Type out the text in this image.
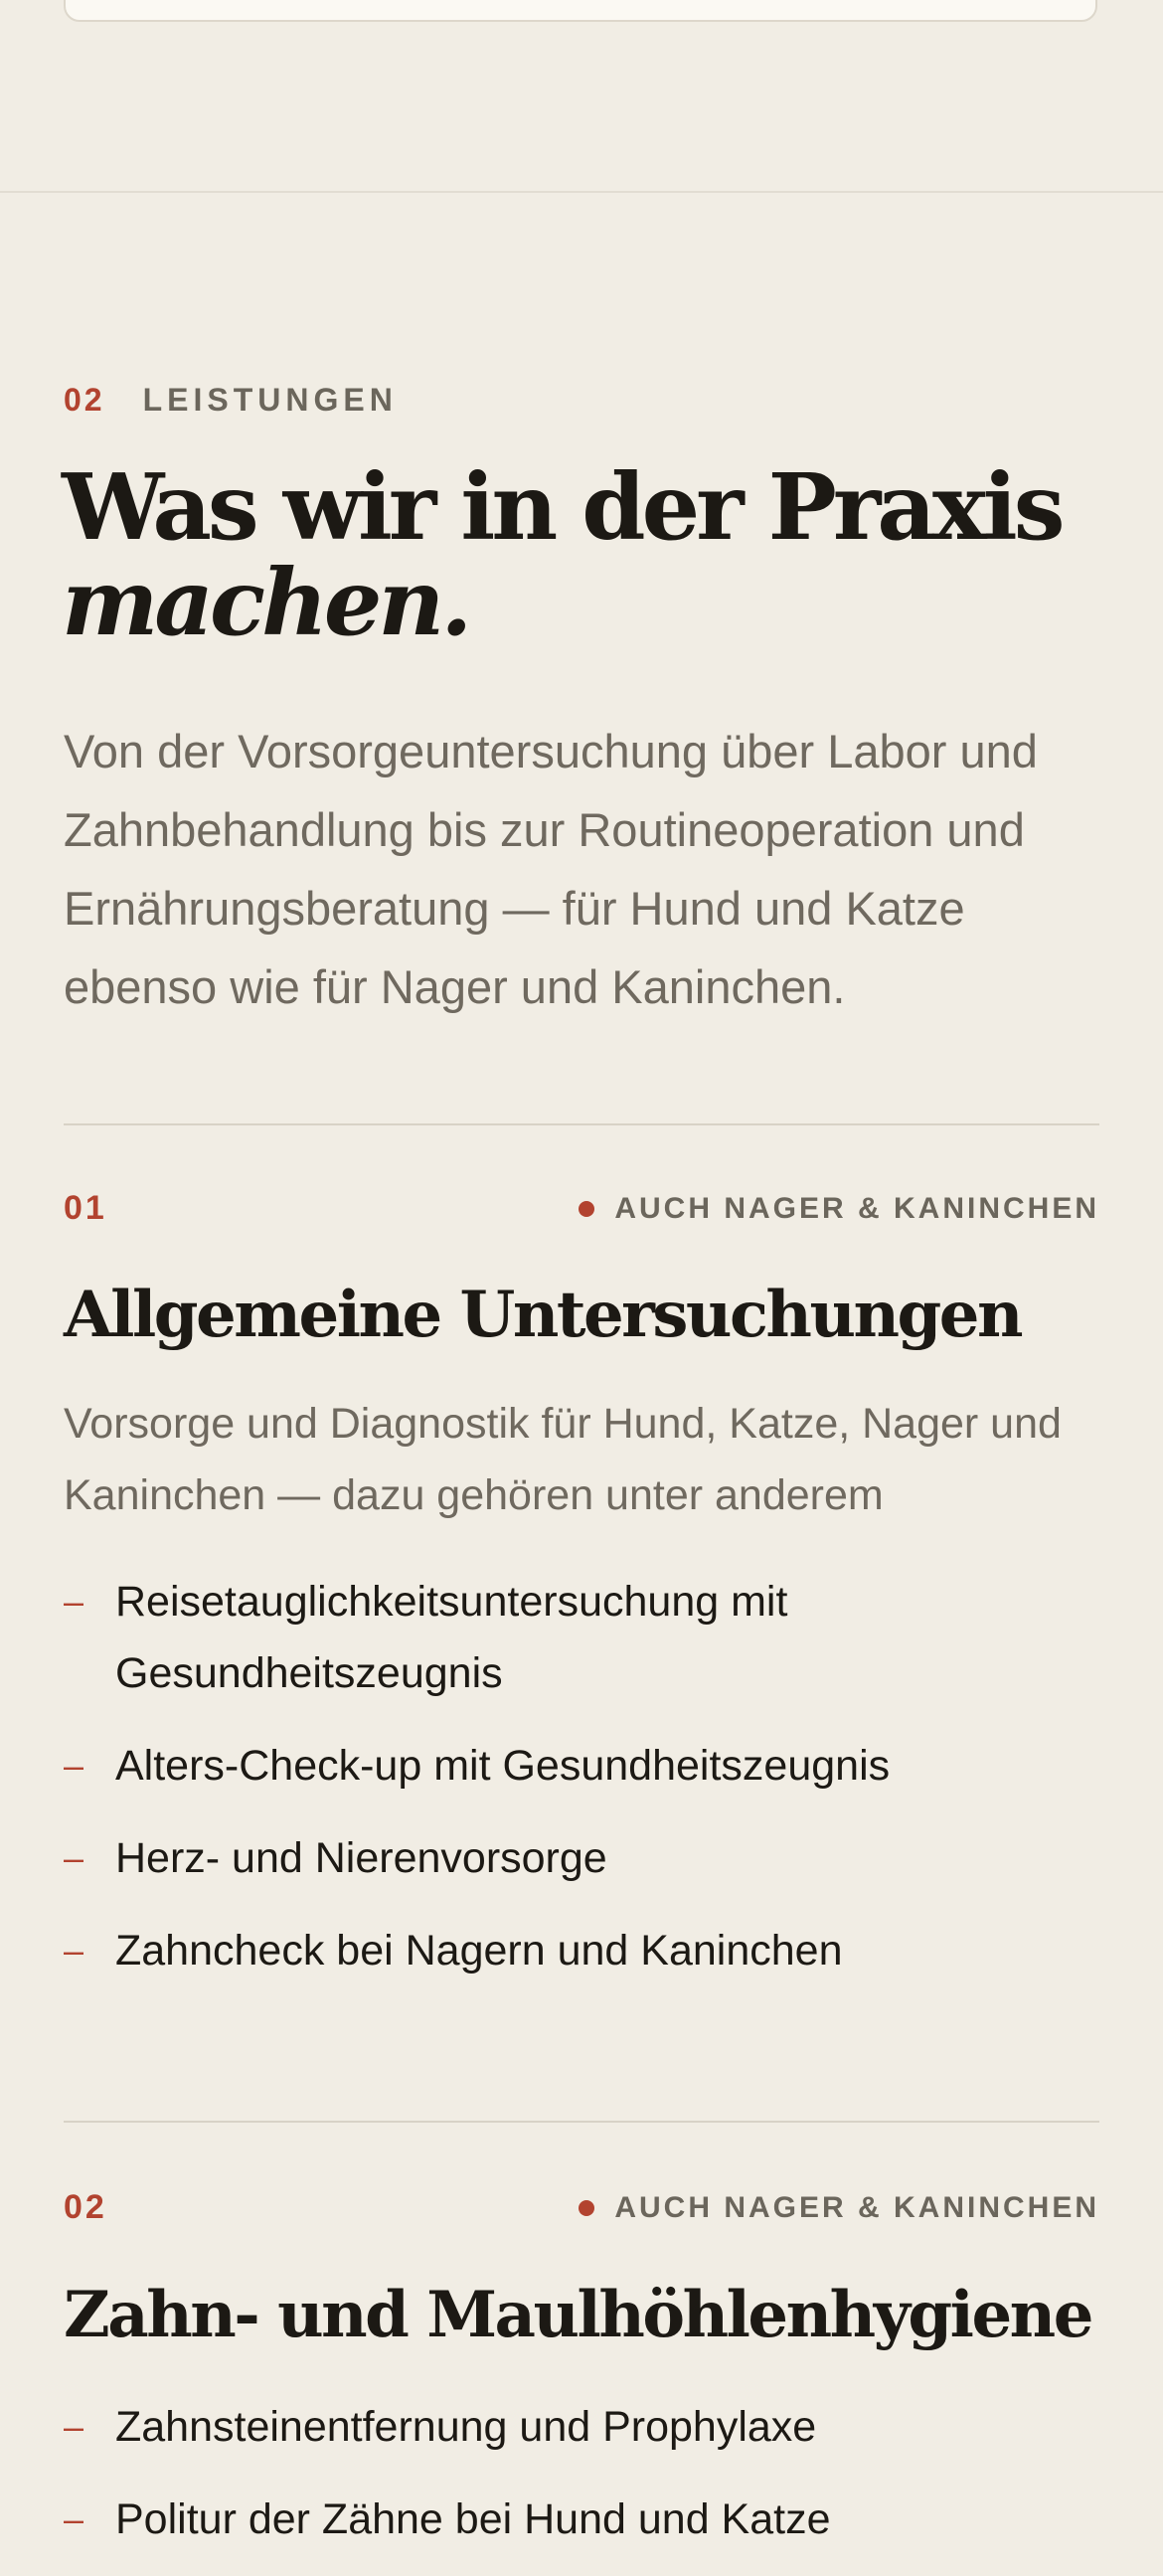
02 LEISTUNGEN
Was wir in der Praxis
machen.

Von der Vorsorgeuntersuchung über Labor und Zahnbehandlung bis zur Routineoperation und Ernährungsberatung — für Hund und Katze ebenso wie für Nager und Kaninchen.

01	AUCH NAGER & KANINCHEN
Allgemeine Untersuchungen

Vorsorge und Diagnostik für Hund, Katze, Nager und Kaninchen — dazu gehören unter anderem

– Reisetauglichkeitsuntersuchung mit Gesundheitszeugnis
– Alters-Check-up mit Gesundheitszeugnis
– Herz- und Nierenvorsorge
– Zahncheck bei Nagern und Kaninchen
02	AUCH NAGER & KANINCHEN
Zahn- und Maulhöhlenhygiene
– Zahnsteinentfernung und Prophylaxe
– Politur der Zähne bei Hund und Katze
